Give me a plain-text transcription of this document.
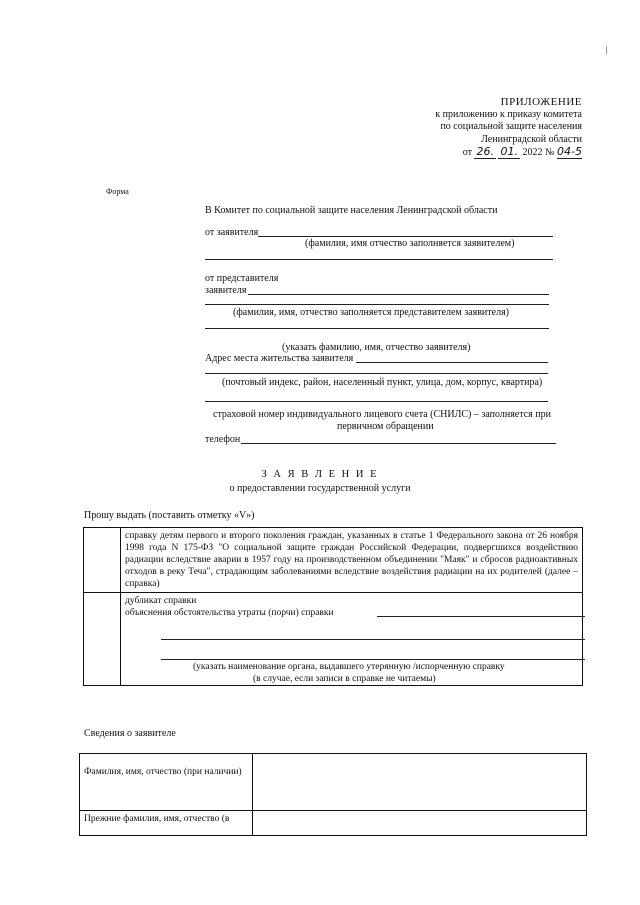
ПРИЛОЖЕНИЕ
к приложению к приказу комитета
по социальной защите населения
Ленинградской области
от 26. 01. 2022 № 04-5
Форма
В Комитет по социальной защите населения Ленинградской области
от заявителя
(фамилия, имя отчество заполняется заявителем)
от представителя
заявителя
(фамилия, имя, отчество заполняется представителем заявителя)
(указать фамилию, имя, отчество заявителя)
Адрес места жительства заявителя
(почтовый индекс, район, населенный пункт, улица, дом, корпус, квартира)
страховой номер индивидуального лицевого счета (СНИЛС) – заполняется при
первичном обращении
телефон
З А Я В Л Е Н И Е
о предоставлении государственной услуги
Прошу выдать (поставить отметку «V»)

	справку детям первого и второго поколения граждан, указанных в статье 1 Федерального закона от 26 ноября 1998 года N 175-ФЗ "О социальной защите граждан Российской Федерации, подвергшихся воздействию радиации вследствие аварии в 1957 году на производственном объединении "Маяк" и сбросов радиоактивных отходов в реку Теча", страдающим заболеваниями вследствие воздействия радиации на их родителей (далее – справка)

	дубликат справки
объяснения обстоятельства утраты (порчи) справки
(указать наименование органа, выдавшего утерянную /испорченную справку
(в случае, если записи в справке не читаемы)
Сведения о заявителе
Фамилия, имя, отчество (при наличии)	

Прежние фамилия, имя, отчество (в	
